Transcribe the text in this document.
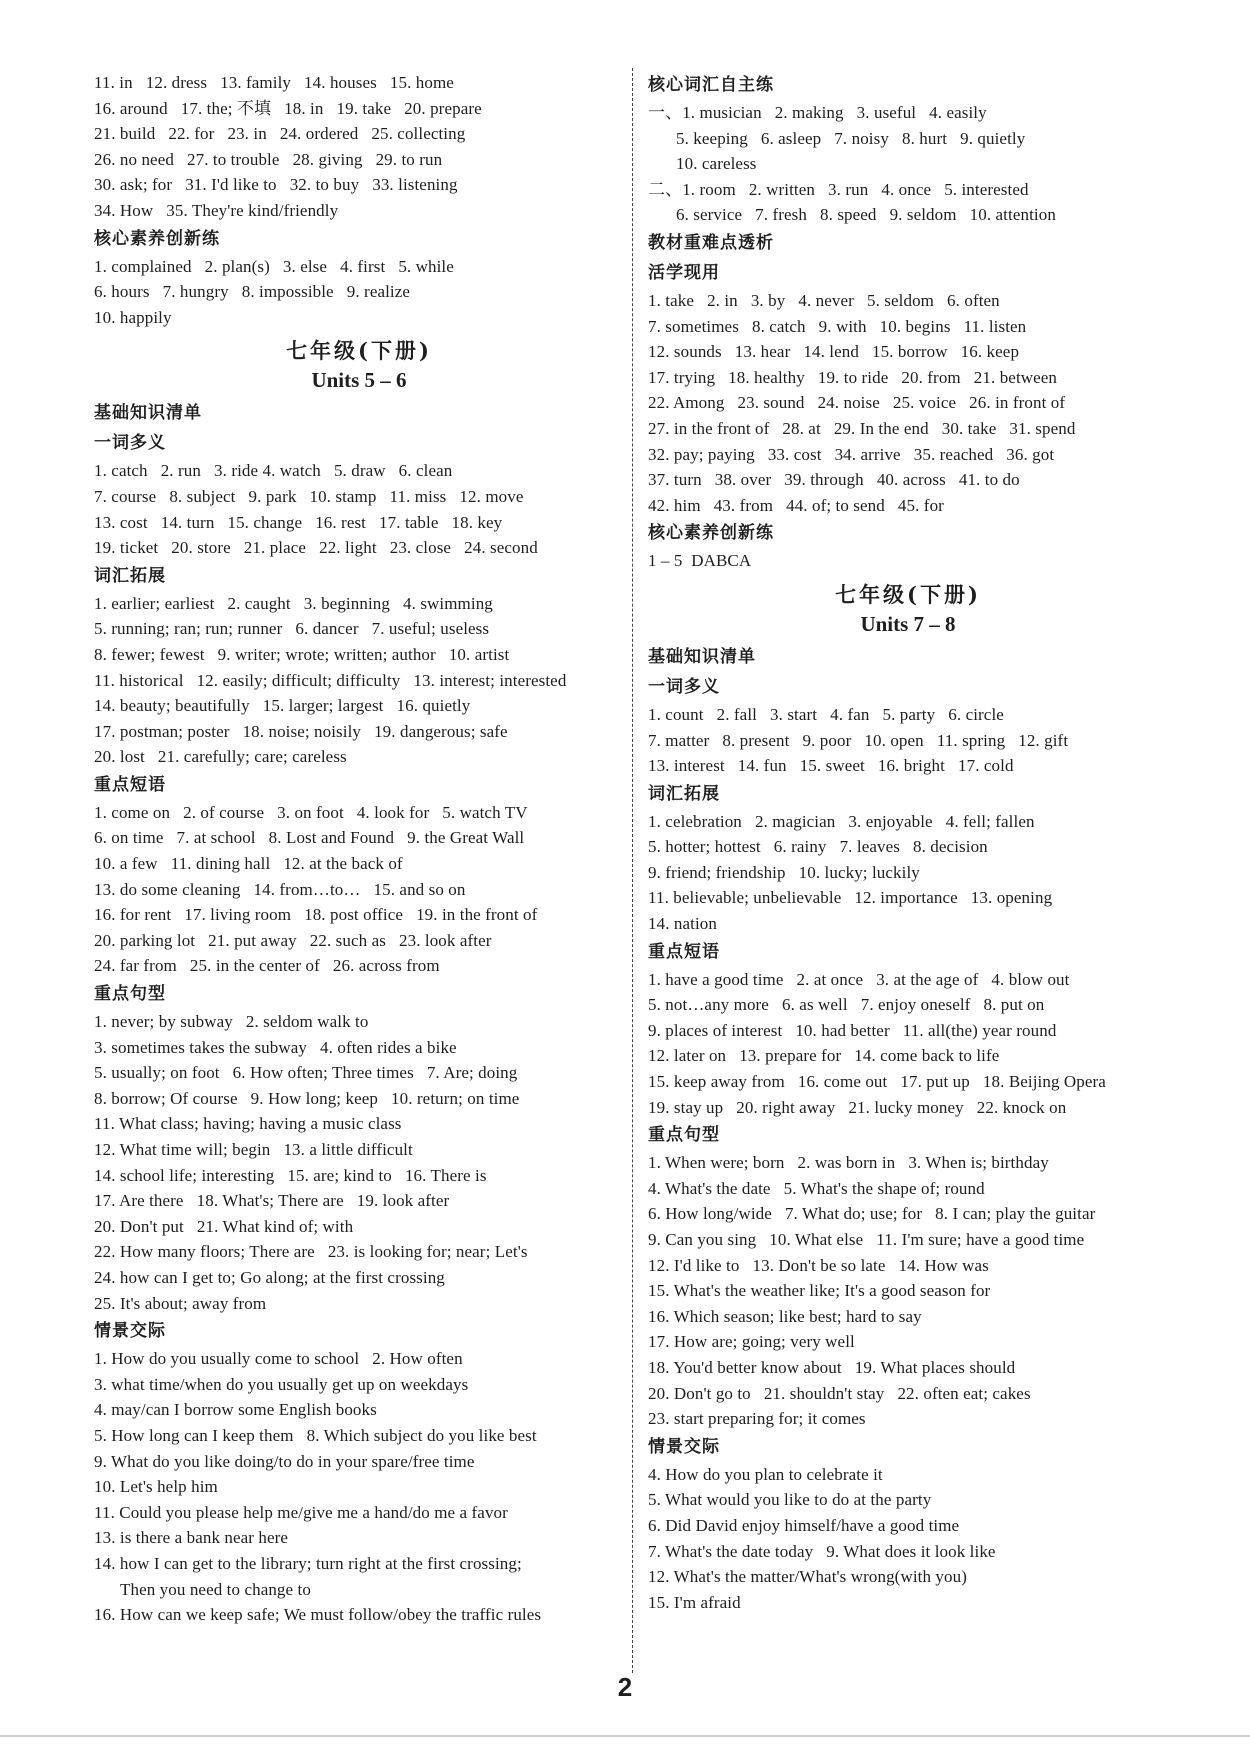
11. in   12. dress   13. family   14. houses   15. home
16. around   17. the; 不填   18. in   19. take   20. prepare
21. build   22. for   23. in   24. ordered   25. collecting
26. no need   27. to trouble   28. giving   29. to run
30. ask; for   31. I'd like to   32. to buy   33. listening
34. How   35. They're kind/friendly
核心素养创新练
1. complained   2. plan(s)   3. else   4. first   5. while
6. hours   7. hungry   8. impossible   9. realize
10. happily
七年级(下册)
Units 5 – 6
基础知识清单
一词多义
1. catch   2. run   3. ride 4. watch   5. draw   6. clean
7. course   8. subject   9. park   10. stamp   11. miss   12. move
13. cost   14. turn   15. change   16. rest   17. table   18. key
19. ticket   20. store   21. place   22. light   23. close   24. second
词汇拓展
1. earlier; earliest   2. caught   3. beginning   4. swimming
5. running; ran; run; runner   6. dancer   7. useful; useless
8. fewer; fewest   9. writer; wrote; written; author   10. artist
11. historical   12. easily; difficult; difficulty   13. interest; interested
14. beauty; beautifully   15. larger; largest   16. quietly
17. postman; poster   18. noise; noisily   19. dangerous; safe
20. lost   21. carefully; care; careless
重点短语
1. come on   2. of course   3. on foot   4. look for   5. watch TV
6. on time   7. at school   8. Lost and Found   9. the Great Wall
10. a few   11. dining hall   12. at the back of
13. do some cleaning   14. from…to…   15. and so on
16. for rent   17. living room   18. post office   19. in the front of
20. parking lot   21. put away   22. such as   23. look after
24. far from   25. in the center of   26. across from
重点句型
1. never; by subway   2. seldom walk to
3. sometimes takes the subway   4. often rides a bike
5. usually; on foot   6. How often; Three times   7. Are; doing
8. borrow; Of course   9. How long; keep   10. return; on time
11. What class; having; having a music class
12. What time will; begin   13. a little difficult
14. school life; interesting   15. are; kind to   16. There is
17. Are there   18. What's; There are   19. look after
20. Don't put   21. What kind of; with
22. How many floors; There are   23. is looking for; near; Let's
24. how can I get to; Go along; at the first crossing
25. It's about; away from
情景交际
1. How do you usually come to school   2. How often
3. what time/when do you usually get up on weekdays
4. may/can I borrow some English books
5. How long can I keep them   8. Which subject do you like best
9. What do you like doing/to do in your spare/free time
10. Let's help him
11. Could you please help me/give me a hand/do me a favor
13. is there a bank near here
14. how I can get to the library; turn right at the first crossing;
Then you need to change to
16. How can we keep safe; We must follow/obey the traffic rules
核心词汇自主练
一、1. musician   2. making   3. useful   4. easily
5. keeping   6. asleep   7. noisy   8. hurt   9. quietly
10. careless
二、1. room   2. written   3. run   4. once   5. interested
6. service   7. fresh   8. speed   9. seldom   10. attention
教材重难点透析
活学现用
1. take   2. in   3. by   4. never   5. seldom   6. often
7. sometimes   8. catch   9. with   10. begins   11. listen
12. sounds   13. hear   14. lend   15. borrow   16. keep
17. trying   18. healthy   19. to ride   20. from   21. between
22. Among   23. sound   24. noise   25. voice   26. in front of
27. in the front of   28. at   29. In the end   30. take   31. spend
32. pay; paying   33. cost   34. arrive   35. reached   36. got
37. turn   38. over   39. through   40. across   41. to do
42. him   43. from   44. of; to send   45. for
核心素养创新练
1 – 5  DABCA
七年级(下册)
Units 7 – 8
基础知识清单
一词多义
1. count   2. fall   3. start   4. fan   5. party   6. circle
7. matter   8. present   9. poor   10. open   11. spring   12. gift
13. interest   14. fun   15. sweet   16. bright   17. cold
词汇拓展
1. celebration   2. magician   3. enjoyable   4. fell; fallen
5. hotter; hottest   6. rainy   7. leaves   8. decision
9. friend; friendship   10. lucky; luckily
11. believable; unbelievable   12. importance   13. opening
14. nation
重点短语
1. have a good time   2. at once   3. at the age of   4. blow out
5. not…any more   6. as well   7. enjoy oneself   8. put on
9. places of interest   10. had better   11. all(the) year round
12. later on   13. prepare for   14. come back to life
15. keep away from   16. come out   17. put up   18. Beijing Opera
19. stay up   20. right away   21. lucky money   22. knock on
重点句型
1. When were; born   2. was born in   3. When is; birthday
4. What's the date   5. What's the shape of; round
6. How long/wide   7. What do; use; for   8. I can; play the guitar
9. Can you sing   10. What else   11. I'm sure; have a good time
12. I'd like to   13. Don't be so late   14. How was
15. What's the weather like; It's a good season for
16. Which season; like best; hard to say
17. How are; going; very well
18. You'd better know about   19. What places should
20. Don't go to   21. shouldn't stay   22. often eat; cakes
23. start preparing for; it comes
情景交际
4. How do you plan to celebrate it
5. What would you like to do at the party
6. Did David enjoy himself/have a good time
7. What's the date today   9. What does it look like
12. What's the matter/What's wrong(with you)
15. I'm afraid
2
